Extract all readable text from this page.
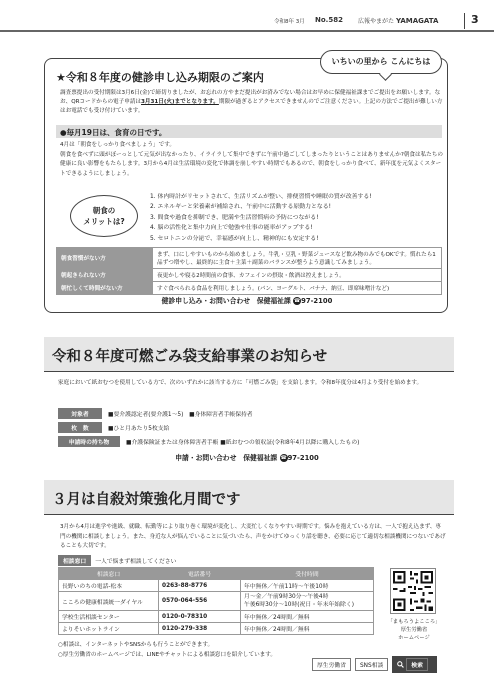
令和8年 3月 No.582	広報やまがた YAMAGATA	3
いちいの里から こんにちは
★令和８年度の健診申し込み期限のご案内
調査票提出の受付期限は3月6日(金)で締切りましたが、お忘れの方やまだ提出がお済みでない場合はお早めに保健福祉課までご提出をお願いします。なお、QRコードからの電子申請は3月31日(火)までとなります。期限が過ぎるとアクセスできませんのでご注意ください。上記の方法でご提出が難しい方はお電話でも受け付けています。
●毎月19日は、食育の日です。
4月は「朝食をしっかり食べましょう」です。
朝食を食べずに頭がぼーっとして元気が出なかったり、イライラして集中できずに午前中過ごしてしまったりということはありませんか?朝食は私たちの健康に良い影響をもたらします。3月から4月は生活環境の変化で体調を崩しやすい時期でもあるので、朝食をしっかり食べて、新年度を元気よくスタートできるようにしましょう。
朝食の
メリットは?
1. 体内時計がリセットされて、生活リズムが整い、排便習慣や睡眠の質が改善する!
2. エネルギーと栄養素が補給され、午前中に活動する原動力となる!
3. 間食や過食を抑制でき、肥満や生活習慣病の予防につながる!
4. 脳の活性化と集中力向上で勉強や仕事の能率がアップする!
5. セロトニンの分泌で、幸福感が向上し、精神的にも安定する!
朝食習慣がない方	まず、口にしやすいものから始めましょう。牛乳・豆乳・野菜ジュースなど飲み物のみでもOKです。慣れたら1品ずつ増やし、最終的に主食＋主菜＋副菜のバランスが整うよう意識してみましょう。
朝起きられない方	夜更かしや寝る2時間前の食事、カフェインの摂取・飲酒は控えましょう。
朝忙しくて時間がない方	すぐ食べられる食品を利用しましょう。(パン、ヨーグルト、バナナ、納豆、即席味噌汁など)
健診申し込み・お問い合わせ　保健福祉課 ☎97-2100
令和８年度可燃ごみ袋支給事業のお知らせ
家庭において紙おむつを使用している方で、次のいずれかに該当する方に「可燃ごみ袋」を支給します。令和8年度分は4月より受付を始めます。
対象者	■要介護認定者(要介護1〜5)　■身体障害者手帳保持者
枚　数	■ひと月あたり5枚支給
申請時の持ち物	■介護保険証または身体障害者手帳 ■紙おむつの領収証(令和8年4月以降に購入したもの)
申請・お問い合わせ　保健福祉課 ☎97-2100
３月は自殺対策強化月間です
3月から4月は進学や進級、就職、転勤等により取り巻く環境が変化し、大変忙しくなりやすい時期です。悩みを抱えている方は、一人で抱え込まず、専門の機関に相談しましょう。また、身近な人が悩んでいることに気づいたら、声をかけてゆっくり話を聴き、必要に応じて適切な相談機関につないであげることも大切です。
相談窓口	一人で悩まず相談してください
相談窓口	電話番号	受付時間
長野いのちの電話-松本	0263-88-8776	年中無休／午前11時〜午後10時
こころの健康相談統一ダイヤル	0570-064-556	月〜金／午前9時30分〜午後4時
午後6時30分〜10時(祝日・年末年始除く)
学校生活相談センター	0120-0-78310	年中無休／24時間／無料
よりそいホットライン	0120-279-338	年中無休／24時間／無料
○相談は、インターネットやSNSからも行うことができます。
○厚生労働省のホームページでは、LINEやチャットによる相談窓口を紹介しています。
「まもろうよこころ」
厚生労働省
ホームページ
厚生労働省	SNS相談	検索
